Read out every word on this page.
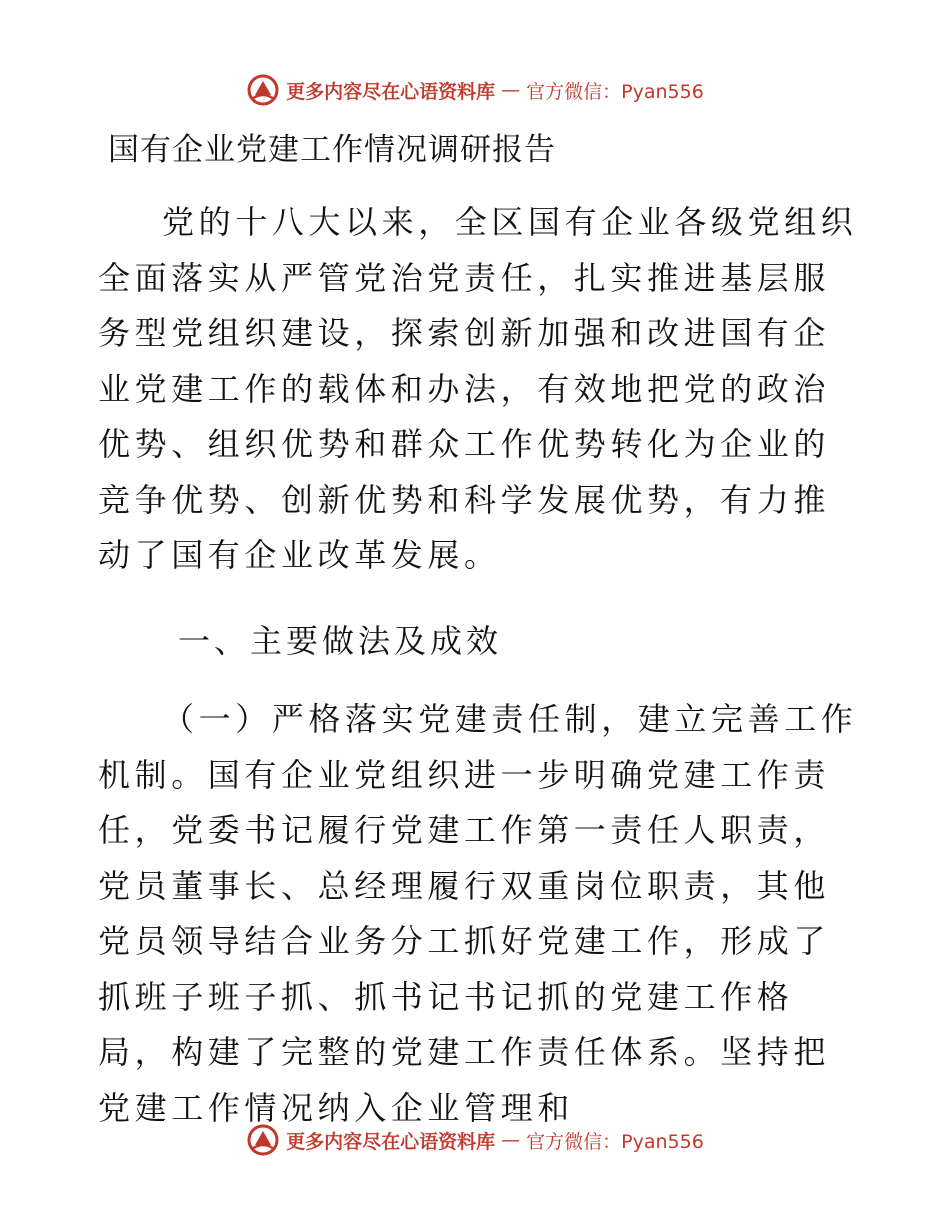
更多内容尽在心语资料库 — 官方微信：Pyan556
国有企业党建工作情况调研报告

党的十八大以来，全区国有企业各级党组织全面落实从严管党治党责任，扎实推进基层服务型党组织建设，探索创新加强和改进国有企业党建工作的载体和办法，有效地把党的政治优势、组织优势和群众工作优势转化为企业的竞争优势、创新优势和科学发展优势，有力推动了国有企业改革发展。

一、主要做法及成效

（一）严格落实党建责任制，建立完善工作机制。国有企业党组织进一步明确党建工作责任，党委书记履行党建工作第一责任人职责，党员董事长、总经理履行双重岗位职责，其他党员领导结合业务分工抓好党建工作，形成了抓班子班子抓、抓书记书记抓的党建工作格局，构建了完整的党建工作责任体系。坚持把党建工作情况纳入企业管理和

更多内容尽在心语资料库 — 官方微信：Pyan556
